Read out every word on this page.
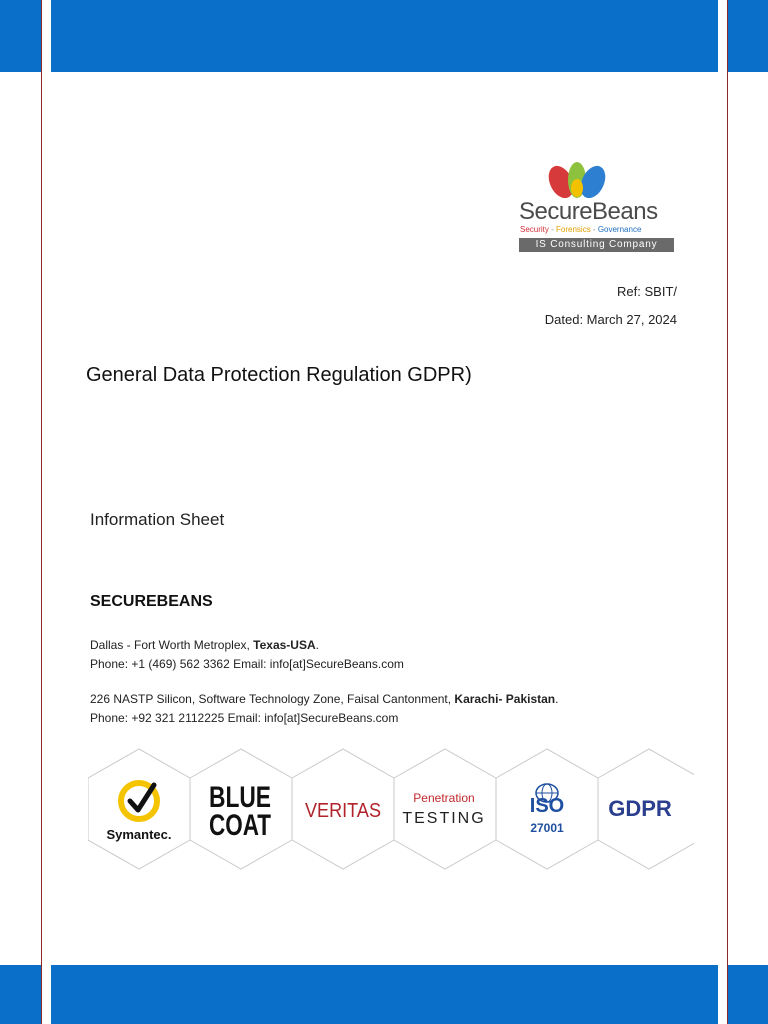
SecureBeans
Security - Forensics - Governance
IS Consulting Company
Ref: SBIT/
Dated: March 27, 2024
General Data Protection Regulation GDPR)
Information Sheet
SECUREBEANS
Dallas - Fort Worth Metroplex, Texas-USA.
Phone: +1 (469) 562 3362 Email: info[at]SecureBeans.com
226 NASTP Silicon, Software Technology Zone, Faisal Cantonment, Karachi- Pakistan.
Phone: +92 321 2112225 Email: info[at]SecureBeans.com
Symantec.
BLUE
COAT VERITAS
Penetration
TESTING
ISO
27001
GDPR
